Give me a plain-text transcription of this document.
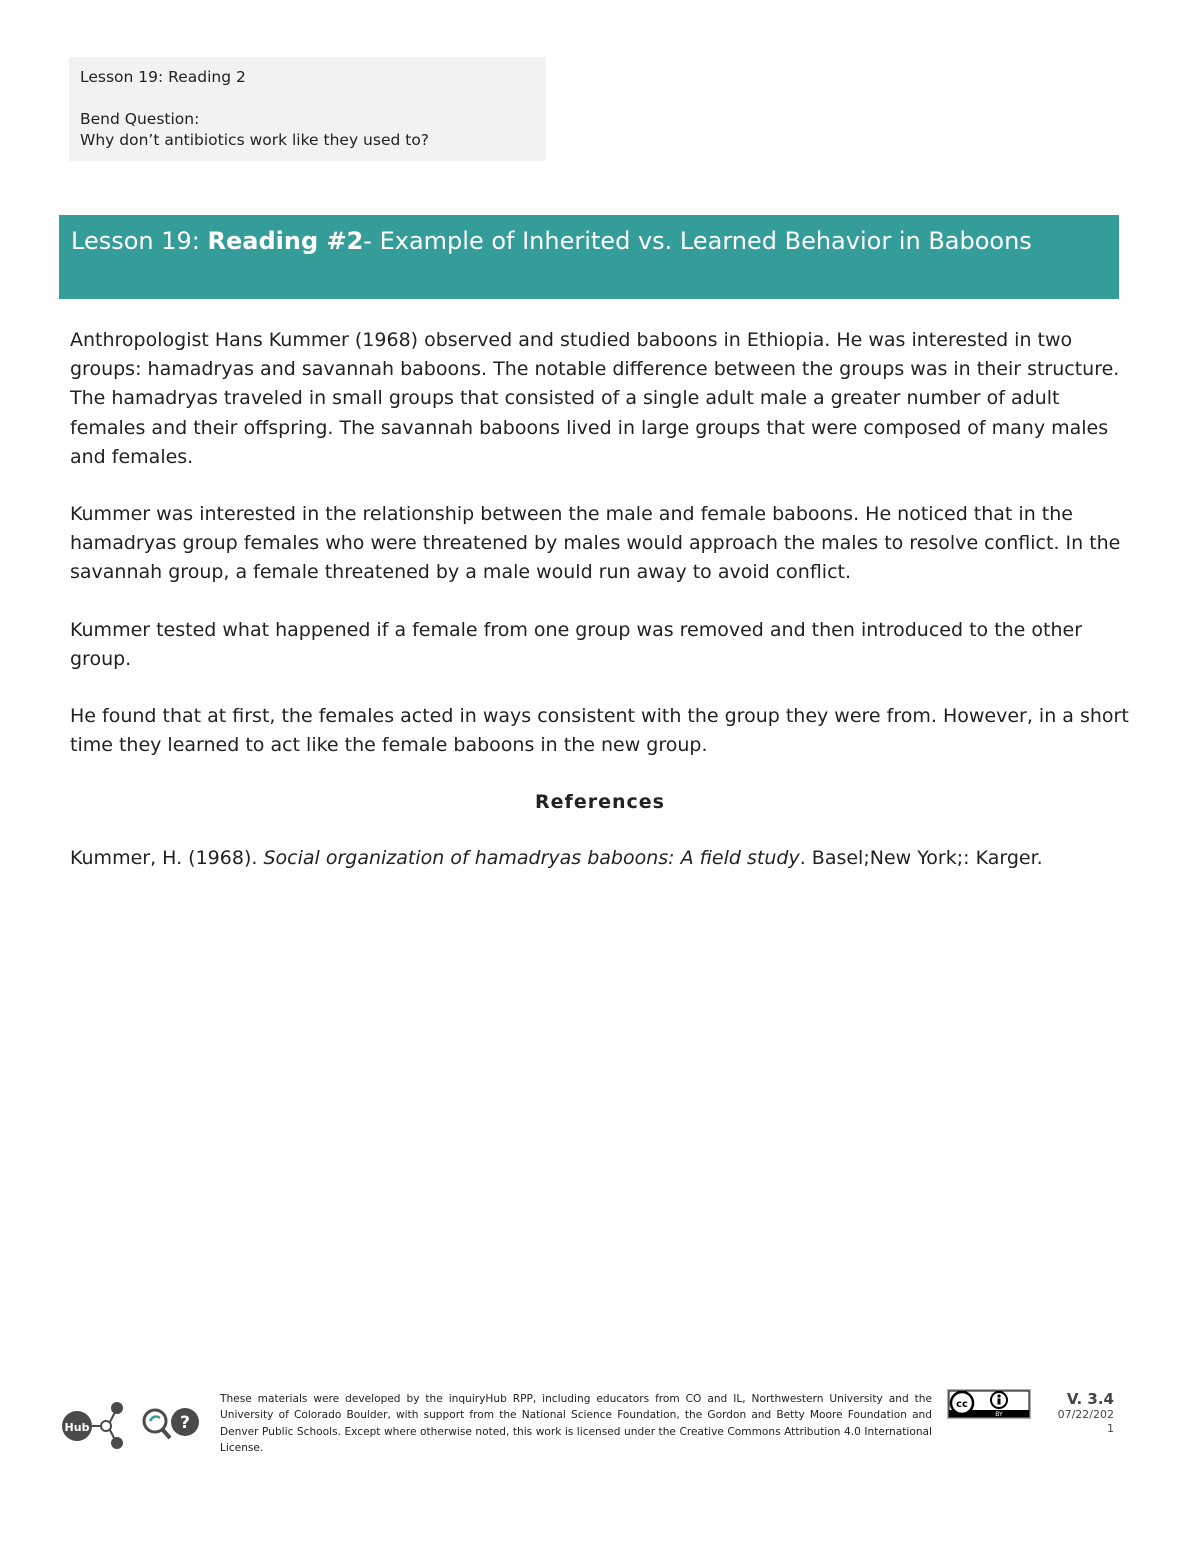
Lesson 19: Reading 2
Bend Question:
Why don’t antibiotics work like they used to?
Lesson 19: Reading #2- Example of Inherited vs. Learned Behavior in Baboons

Anthropologist Hans Kummer (1968) observed and studied baboons in Ethiopia. He was interested in two groups: hamadryas and savannah baboons. The notable difference between the groups was in their structure. The hamadryas traveled in small groups that consisted of a single adult male a greater number of adult females and their offspring. The savannah baboons lived in large groups that were composed of many males and females.

Kummer was interested in the relationship between the male and female baboons. He noticed that in the hamadryas group females who were threatened by males would approach the males to resolve conflict. In the savannah group, a female threatened by a male would run away to avoid conflict.

Kummer tested what happened if a female from one group was removed and then introduced to the other group.

He found that at first, the females acted in ways consistent with the group they were from. However, in a short time they learned to act like the female baboons in the new group.

References

Kummer, H. (1968). Social organization of hamadryas baboons: A field study. Basel;New York;: Karger.

Hub	?
These materials were developed by the inquiryHub RPP, including educators from CO and IL, Northwestern University and the University of Colorado Boulder, with support from the National Science Foundation, the Gordon and Betty Moore Foundation and Denver Public Schools. Except where otherwise noted, this work is licensed under the Creative Commons Attribution 4.0 International License.
cc
BY
V. 3.4
07/22/202
1
